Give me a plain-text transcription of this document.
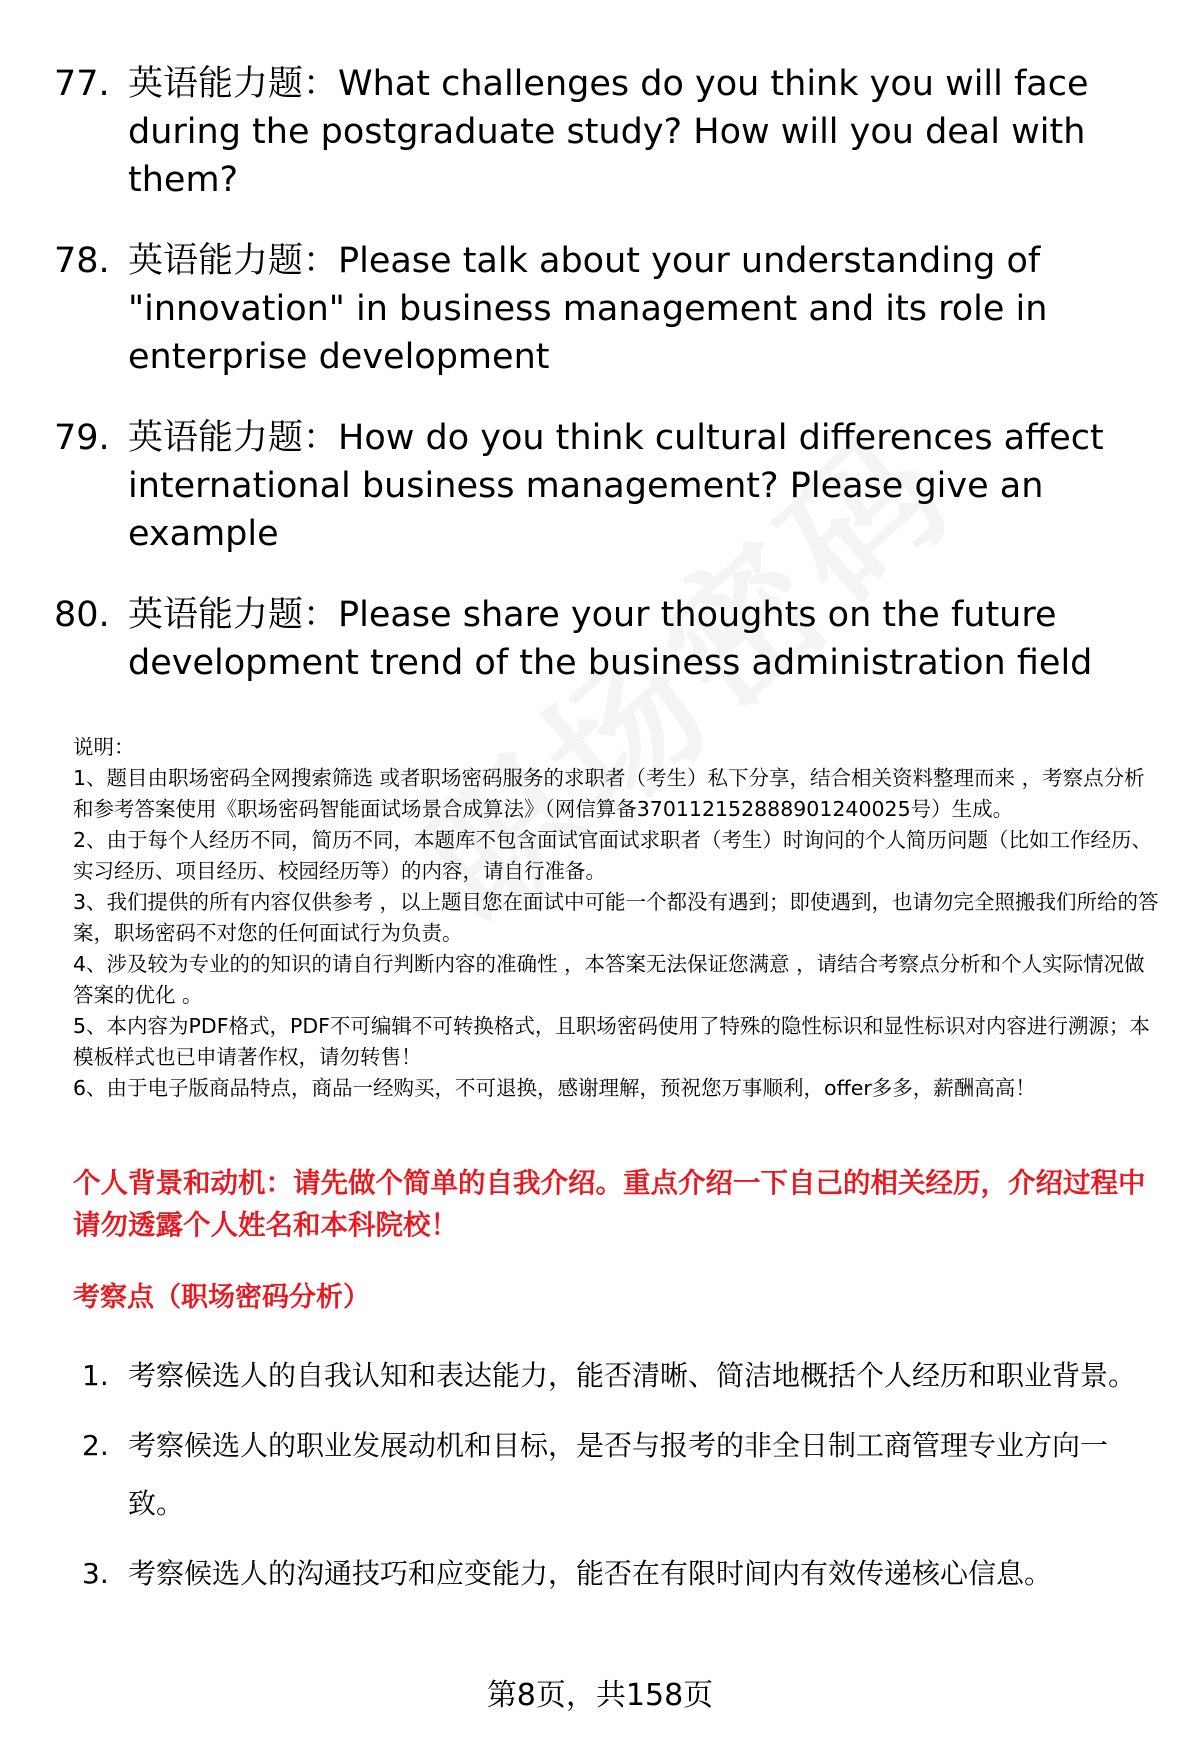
77. 英语能力题：What challenges do you think you will face during the postgraduate study? How will you deal with them?
78. 英语能力题：Please talk about your understanding of "innovation" in business management and its role in enterprise development
79. 英语能力题：How do you think cultural differences affect international business management? Please give an example
80. 英语能力题：Please share your thoughts on the future development trend of the business administration field

说明：

1、题目由职场密码全网搜索筛选 或者职场密码服务的求职者（考生）私下分享，结合相关资料整理而来 ，考察点分析和参考答案使用《职场密码智能面试场景合成算法》（网信算备370112152888901240025号）生成。

2、由于每个人经历不同，简历不同，本题库不包含面试官面试求职者（考生）时询问的个人简历问题（比如工作经历、实习经历、项目经历、校园经历等）的内容，请自行准备。

3、我们提供的所有内容仅供参考 ，以上题目您在面试中可能一个都没有遇到；即使遇到，也请勿完全照搬我们所给的答案，职场密码不对您的任何面试行为负责。

4、涉及较为专业的的知识的请自行判断内容的准确性 ，本答案无法保证您满意 ，请结合考察点分析和个人实际情况做答案的优化 。

5、本内容为PDF格式，PDF不可编辑不可转换格式，且职场密码使用了特殊的隐性标识和显性标识对内容进行溯源；本模板样式也已申请著作权，请勿转售！

6、由于电子版商品特点，商品一经购买，不可退换，感谢理解，预祝您万事顺利，offer多多，薪酬高高！

个人背景和动机：请先做个简单的自我介绍。重点介绍一下自己的相关经历，介绍过程中请勿透露个人姓名和本科院校！
考察点（职场密码分析）
1. 考察候选人的自我认知和表达能力，能否清晰、简洁地概括个人经历和职业背景。
2. 考察候选人的职业发展动机和目标，是否与报考的非全日制工商管理专业方向一致。
3. 考察候选人的沟通技巧和应变能力，能否在有限时间内有效传递核心信息。
第8页，共158页
